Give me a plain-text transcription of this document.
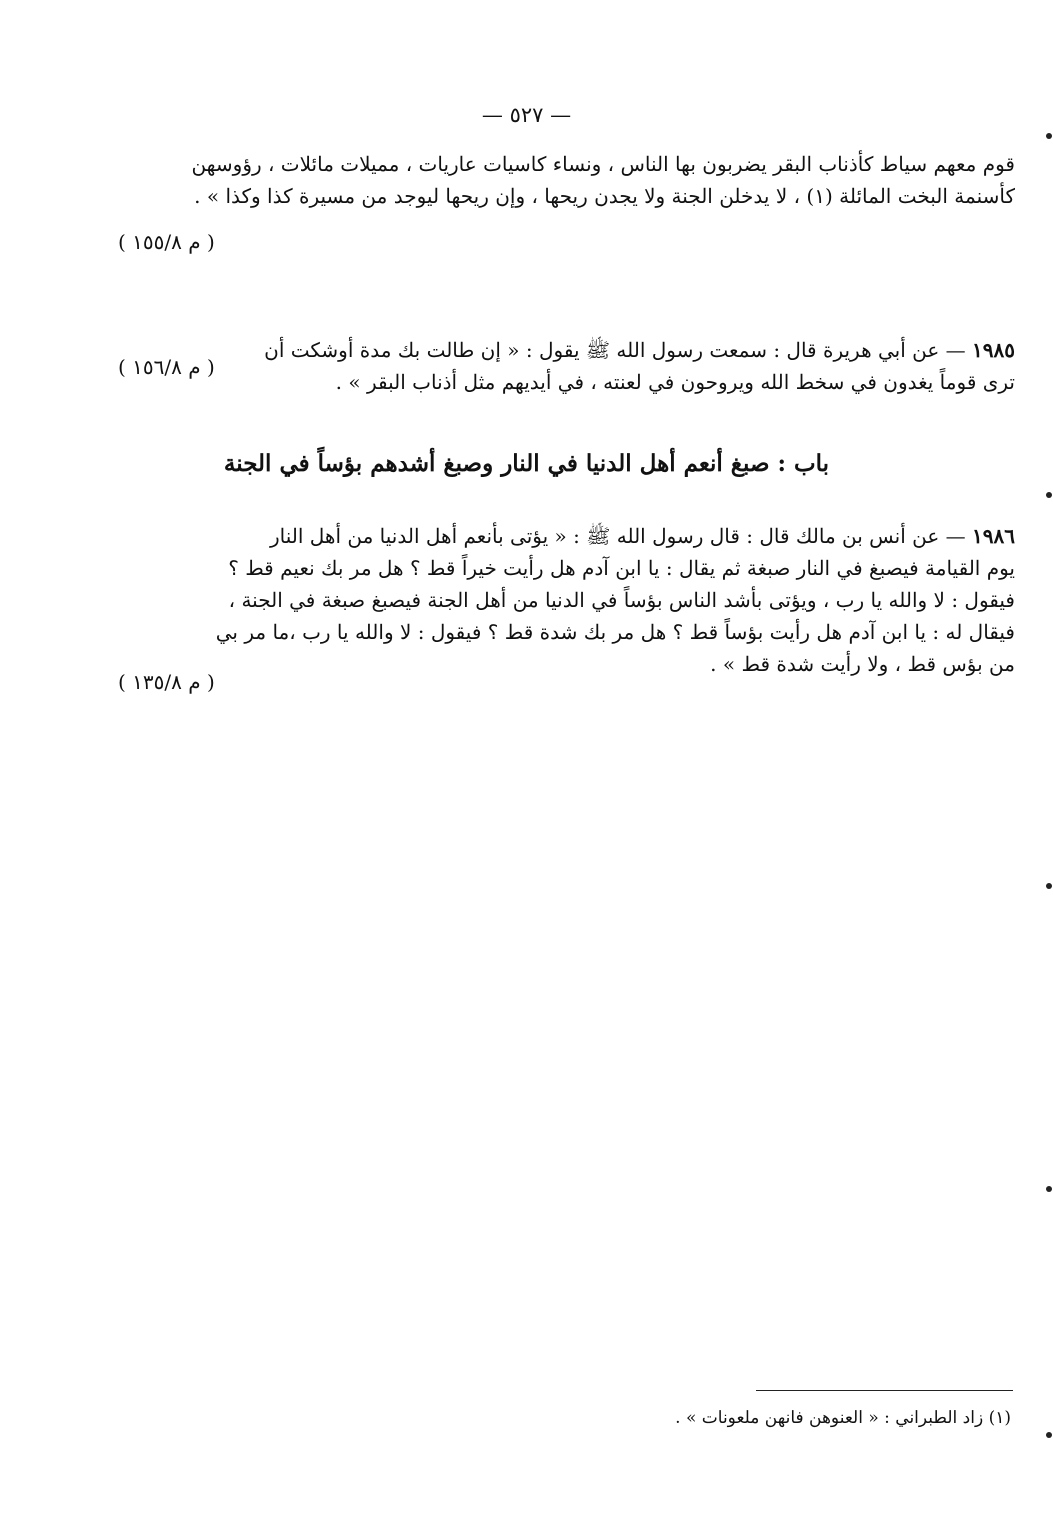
— ٥٢٧ —
قوم معهم سياط كأذناب البقر يضربون بها الناس ، ونساء كاسيات عاريات ، مميلات مائلات ، رؤوسهن
كأسنمة البخت المائلة (١) ، لا يدخلن الجنة ولا يجدن ريحها ، وإن ريحها ليوجد من مسيرة كذا وكذا » .
( م ١٥٥/٨ )
١٩٨٥ — عن أبي هريرة قال : سمعت رسول الله ﷺ يقول : « إن طالت بك مدة أوشكت أن
ترى قوماً يغدون في سخط الله ويروحون في لعنته ، في أيديهم مثل أذناب البقر » .
( م ١٥٦/٨ )
باب : صبغ أنعم أهل الدنيا في النار وصبغ أشدهم بؤساً في الجنة
١٩٨٦ — عن أنس بن مالك قال : قال رسول الله ﷺ : « يؤتى بأنعم أهل الدنيا من أهل النار
يوم القيامة فيصبغ في النار صبغة ثم يقال : يا ابن آدم هل رأيت خيراً قط ؟ هل مر بك نعيم قط ؟
فيقول : لا والله يا رب ، ويؤتى بأشد الناس بؤساً في الدنيا من أهل الجنة فيصبغ صبغة في الجنة ،
فيقال له : يا ابن آدم هل رأيت بؤساً قط ؟ هل مر بك شدة قط ؟ فيقول : لا والله يا رب ،ما مر بي
من بؤس قط ، ولا رأيت شدة قط » .
( م ١٣٥/٨ )
(١) زاد الطبراني : « العنوهن فانهن ملعونات » .
